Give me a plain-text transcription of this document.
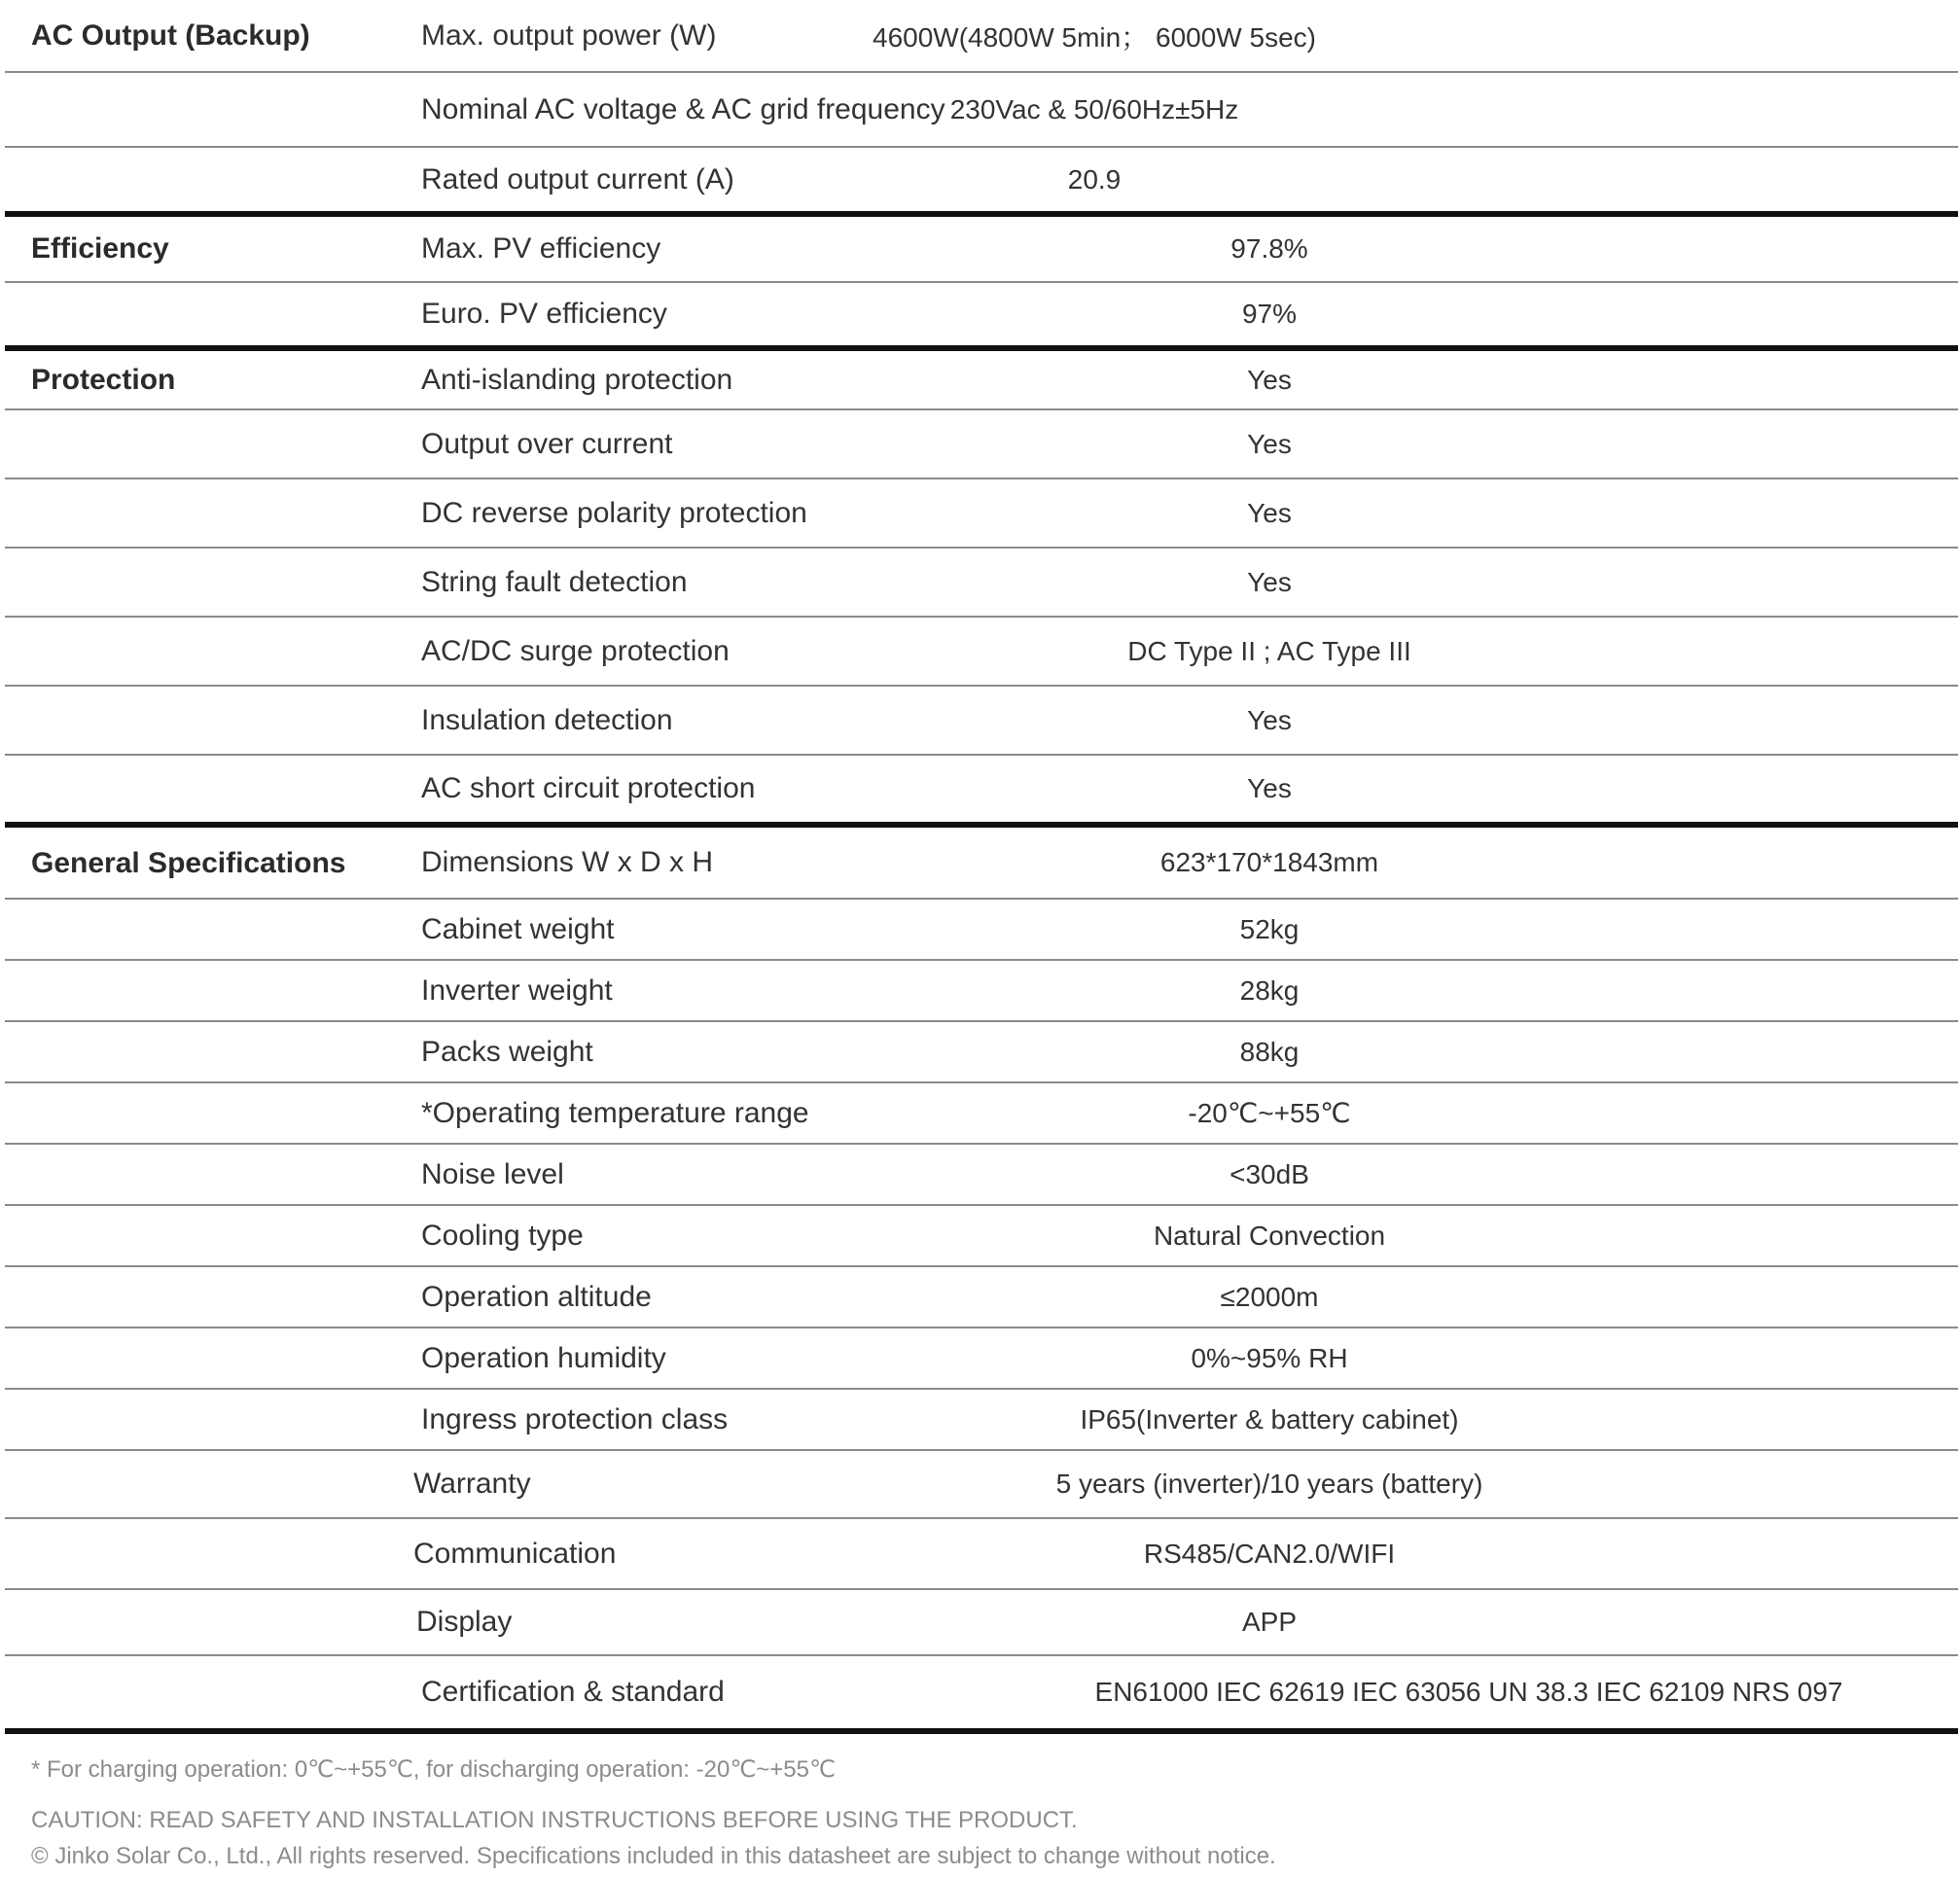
AC Output (Backup)	Max. output power (W)	4600W(4800W 5min； 6000W 5sec)
Nominal AC voltage & AC grid frequency 230Vac & 50/60Hz±5Hz
Rated output current (A)	20.9
Efficiency	Max. PV efficiency	97.8%
Euro. PV efficiency	97%
Protection	Anti-islanding protection	Yes
Output over current	Yes
DC reverse polarity protection	Yes
String fault detection	Yes
AC/DC surge protection	DC Type II ; AC Type III
Insulation detection	Yes
AC short circuit protection	Yes
General Specifications	Dimensions W x D x H	623*170*1843mm
Cabinet weight	52kg
Inverter weight	28kg
Packs weight	88kg
*Operating temperature range	-20℃~+55℃
Noise level	<30dB
Cooling type	Natural Convection
Operation altitude	≤2000m
Operation humidity	0%~95% RH
Ingress protection class	IP65(Inverter & battery cabinet)
Warranty	5 years (inverter)/10 years (battery)
Communication	RS485/CAN2.0/WIFI
Display	APP
Certification & standard	EN61000 IEC 62619 IEC 63056 UN 38.3 IEC 62109 NRS 097
* For charging operation: 0℃~+55℃, for discharging operation: -20℃~+55℃
CAUTION: READ SAFETY AND INSTALLATION INSTRUCTIONS BEFORE USING THE PRODUCT.
© Jinko Solar Co., Ltd., All rights reserved. Specifications included in this datasheet are subject to change without notice.
